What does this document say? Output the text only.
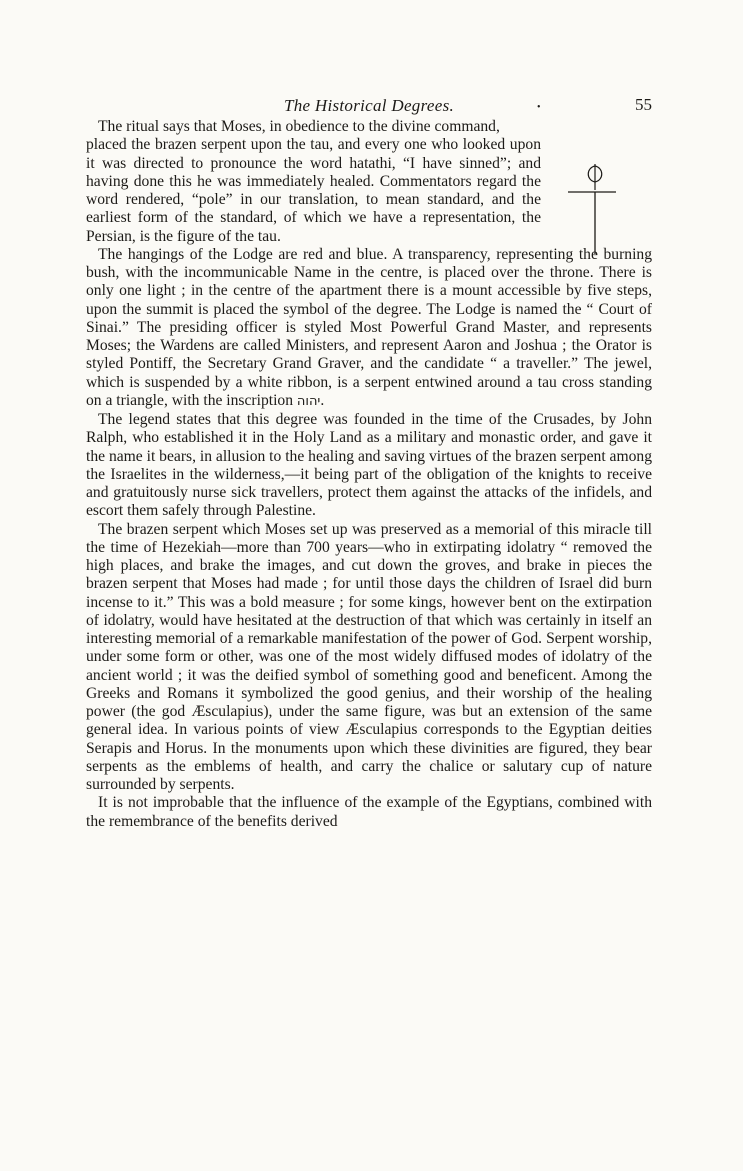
The Historical Degrees.	•	55

The ritual says that Moses, in obedience to the divine command,

placed the brazen serpent upon the tau, and every one who looked upon it was directed to pronounce the word hatathi, “I have sinned”; and having done this he was immediately healed. Commentators regard the word rendered, “pole” in our translation, to mean standard, and the earliest form of the standard, of which we have a representation, the Persian, is the figure of the tau.

The hangings of the Lodge are red and blue. A transparency, representing the burning bush, with the incommunicable Name in the centre, is placed over the throne. There is only one light ; in the centre of the apartment there is a mount accessible by five steps, upon the summit is placed the symbol of the degree. The Lodge is named the “ Court of Sinai.” The presiding officer is styled Most Powerful Grand Master, and represents Moses; the Wardens are called Ministers, and represent Aaron and Joshua ; the Orator is styled Pontiff, the Secretary Grand Graver, and the candidate “ a traveller.” The jewel, which is suspended by a white ribbon, is a serpent entwined around a tau cross standing on a triangle, with the inscription יהוה.

The legend states that this degree was founded in the time of the Crusades, by John Ralph, who established it in the Holy Land as a military and monastic order, and gave it the name it bears, in allusion to the healing and saving virtues of the brazen serpent among the Israelites in the wilderness,—it being part of the obligation of the knights to receive and gratuitously nurse sick travellers, protect them against the attacks of the infidels, and escort them safely through Palestine.

The brazen serpent which Moses set up was preserved as a memorial of this miracle till the time of Hezekiah—more than 700 years—who in extirpating idolatry “ removed the high places, and brake the images, and cut down the groves, and brake in pieces the brazen serpent that Moses had made ; for until those days the children of Israel did burn incense to it.” This was a bold measure ; for some kings, however bent on the extirpation of idolatry, would have hesitated at the destruction of that which was certainly in itself an interesting memorial of a remarkable manifestation of the power of God. Serpent worship, under some form or other, was one of the most widely diffused modes of idolatry of the ancient world ; it was the deified symbol of something good and beneficent. Among the Greeks and Romans it symbolized the good genius, and their worship of the healing power (the god Æsculapius), under the same figure, was but an extension of the same general idea. In various points of view Æsculapius corresponds to the Egyptian deities Serapis and Horus. In the monuments upon which these divinities are figured, they bear serpents as the emblems of health, and carry the chalice or salutary cup of nature surrounded by serpents.

It is not improbable that the influence of the example of the Egyptians, combined with the remembrance of the benefits derived
